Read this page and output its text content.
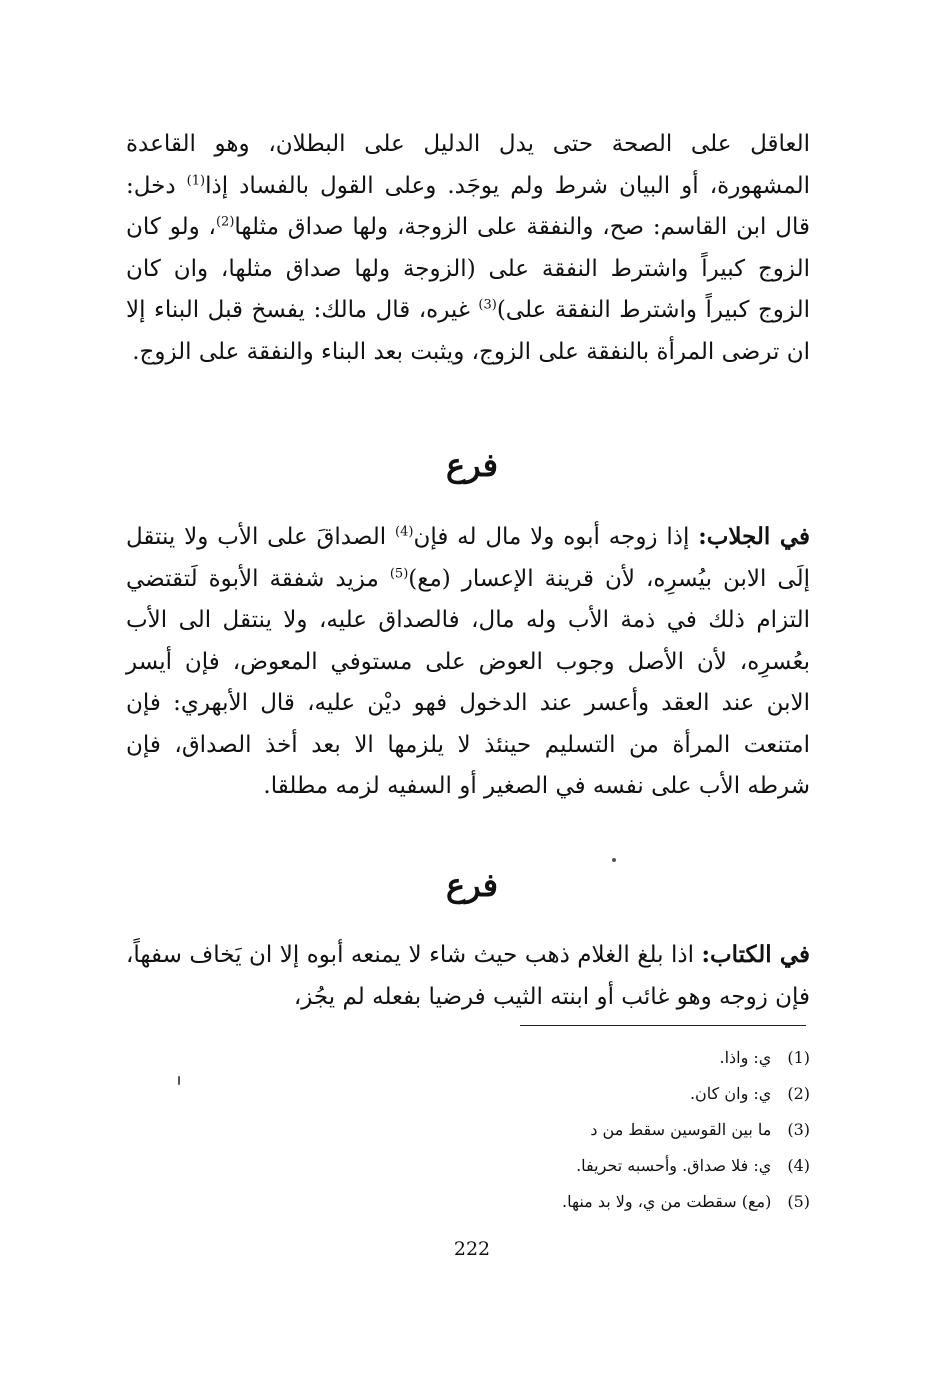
العاقل على الصحة حتى يدل الدليل على البطلان، وهو القاعدة المشهورة، أو البيان شرط ولم يوجَد. وعلى القول بالفساد إذا$^{(1)}$ دخل: قال ابن القاسم: صح، والنفقة على الزوجة، ولها صداق مثلها$^{(2)}$، ولو كان الزوج كبيراً واشترط النفقة على (الزوجة ولها صداق مثلها، وان كان الزوج كبيراً واشترط النفقة على)$^{(3)}$ غيره، قال مالك: يفسخ قبل البناء إلا ان ترضى المرأة بالنفقة على الزوج، ويثبت بعد البناء والنفقة على الزوج.

فرع

في الجلاب: إذا زوجه أبوه ولا مال له فإن$^{(4)}$ الصداقَ على الأب ولا ينتقل إلَى الابن بيُسرِه، لأن قرينة الإعسار (مع)$^{(5)}$ مزيد شفقة الأبوة لَتقتضي التزام ذلك في ذمة الأب وله مال، فالصداق عليه، ولا ينتقل الى الأب بعُسرِه، لأن الأصل وجوب العوض على مستوفي المعوض، فإن أيسر الابن عند العقد وأعسر عند الدخول فهو ديْن عليه، قال الأبهري: فإن امتنعت المرأة من التسليم حينئذ لا يلزمها الا بعد أخذ الصداق، فإن شرطه الأب على نفسه في الصغير أو السفيه لزمه مطلقا.

فرع

في الكتاب: اذا بلغ الغلام ذهب حيث شاء لا يمنعه أبوه إلا ان يَخاف سفهاً، فإن زوجه وهو غائب أو ابنته الثيب فرضيا بفعله لم يجُز،

(1)
ي: واذا.
(2)
ي: وان كان.
(3)
ما بين القوسين سقط من د
(4)
ي: فلا صداق. وأحسبه تحريفا.
(5)
(مع) سقطت من ي، ولا بد منها.
222
